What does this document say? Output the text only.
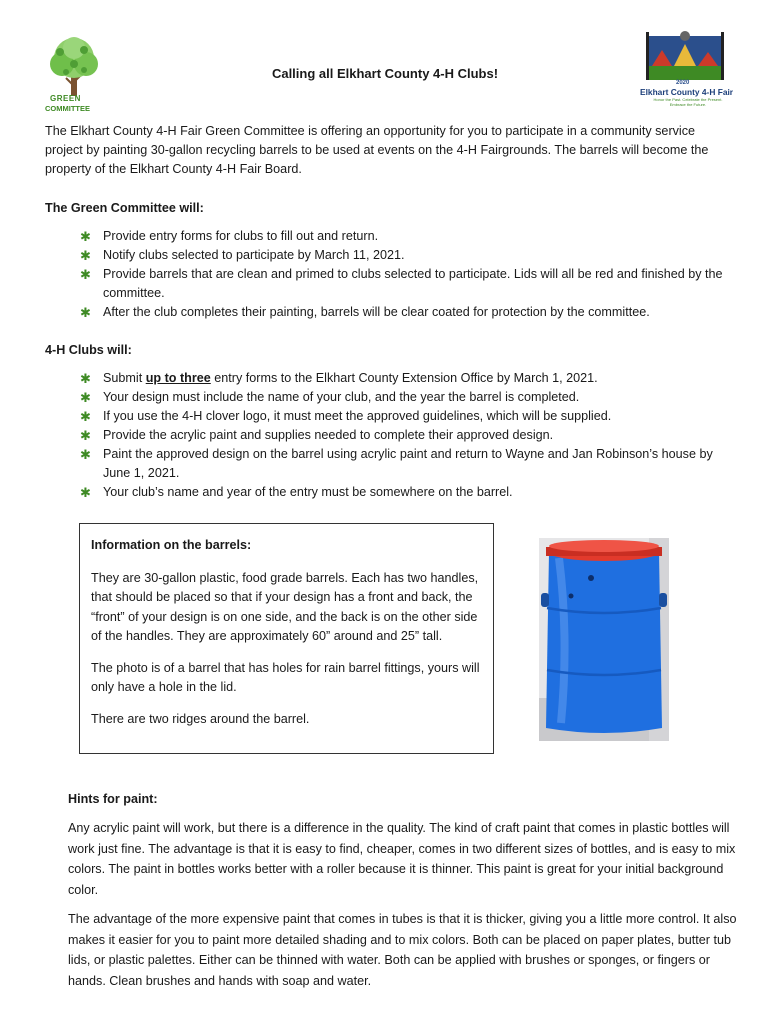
GREEN
COMMITTEE
2020
Elkhart County 4-H Fair
Honor the Past. Celebrate the Present. Embrace the Future.
Calling all Elkhart County 4-H Clubs!
The Elkhart County 4-H Fair Green Committee is offering an opportunity for you to participate in a community service project by painting 30-gallon recycling barrels to be used at events on the 4-H Fairgrounds. The barrels will become the property of the Elkhart County 4-H Fair Board.
The Green Committee will:
✱ Provide entry forms for clubs to fill out and return.
✱ Notify clubs selected to participate by March 11, 2021.
✱ Provide barrels that are clean and primed to clubs selected to participate. Lids will all be red and finished by the committee.
✱ After the club completes their painting, barrels will be clear coated for protection by the committee.
4-H Clubs will:
✱ Submit up to three entry forms to the Elkhart County Extension Office by March 1, 2021.
✱ Your design must include the name of your club, and the year the barrel is completed.
✱ If you use the 4-H clover logo, it must meet the approved guidelines, which will be supplied.
✱ Provide the acrylic paint and supplies needed to complete their approved design.
✱ Paint the approved design on the barrel using acrylic paint and return to Wayne and Jan Robinson’s house by June 1, 2021.
✱ Your club’s name and year of the entry must be somewhere on the barrel.

Information on the barrels:

They are 30-gallon plastic, food grade barrels. Each has two handles, that should be placed so that if your design has a front and back, the “front” of your design is on one side, and the back is on the other side of the handles. They are approximately 60” around and 25” tall.

The photo is of a barrel that has holes for rain barrel fittings, yours will only have a hole in the lid.

There are two ridges around the barrel.

Hints for paint:
Any acrylic paint will work, but there is a difference in the quality. The kind of craft paint that comes in plastic bottles will work just fine. The advantage is that it is easy to find, cheaper, comes in two different sizes of bottles, and is easy to mix colors. The paint in bottles works better with a roller because it is thinner. This paint is great for your initial background color.
The advantage of the more expensive paint that comes in tubes is that it is thicker, giving you a little more control. It also makes it easier for you to paint more detailed shading and to mix colors. Both can be placed on paper plates, butter tub lids, or plastic palettes. Either can be thinned with water. Both can be applied with brushes or sponges, or fingers or hands. Clean brushes and hands with soap and water.
